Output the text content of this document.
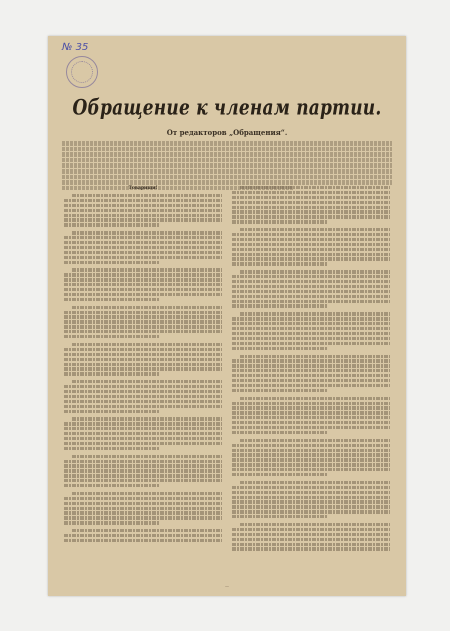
№ 35
Обращение к членам партии.
От редакторов „Обращения“.
Товарищи!
—
